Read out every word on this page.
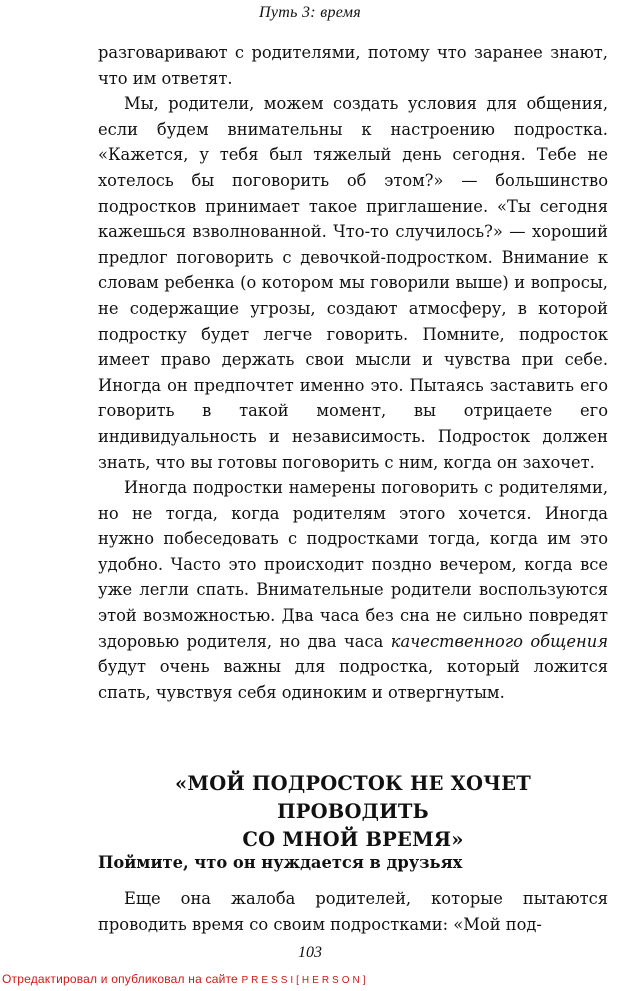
Путь 3: время

разговаривают с родителями, потому что заранее знают, что им ответят.

Мы, родители, можем создать условия для общения, если будем внимательны к настроению подростка. «Кажется, у тебя был тяжелый день сегодня. Тебе не хотелось бы поговорить об этом?» — большинство подростков принимает такое приглашение. «Ты сегодня кажешься взволнованной. Что-то случилось?» — хороший предлог поговорить с девочкой-подростком. Внимание к словам ребенка (о котором мы говорили выше) и вопросы, не содержащие угрозы, создают атмосферу, в которой подростку будет легче говорить. Помните, подросток имеет право держать свои мысли и чувства при себе. Иногда он предпочтет именно это. Пытаясь заставить его говорить в такой момент, вы отрицаете его индивидуальность и независимость. Подросток должен знать, что вы готовы поговорить с ним, когда он захочет.

Иногда подростки намерены поговорить с родителями, но не тогда, когда родителям этого хочется. Иногда нужно побеседовать с подростками тогда, когда им это удобно. Часто это происходит поздно вечером, когда все уже легли спать. Внимательные родители воспользуются этой возможностью. Два часа без сна не сильно повредят здоровью родителя, но два часа качественного общения будут очень важны для подростка, который ложится спать, чувствуя себя одиноким и отвергнутым.

«МОЙ ПОДРОСТОК НЕ ХОЧЕТ ПРОВОДИТЬ
СО МНОЙ ВРЕМЯ»
Поймите, что он нуждается в друзьях

Еще она жалоба родителей, которые пытаются проводить время со своим подростками: «Мой под-

103
Отредактировал и опубликовал на сайте PRESSI[HERSON]
